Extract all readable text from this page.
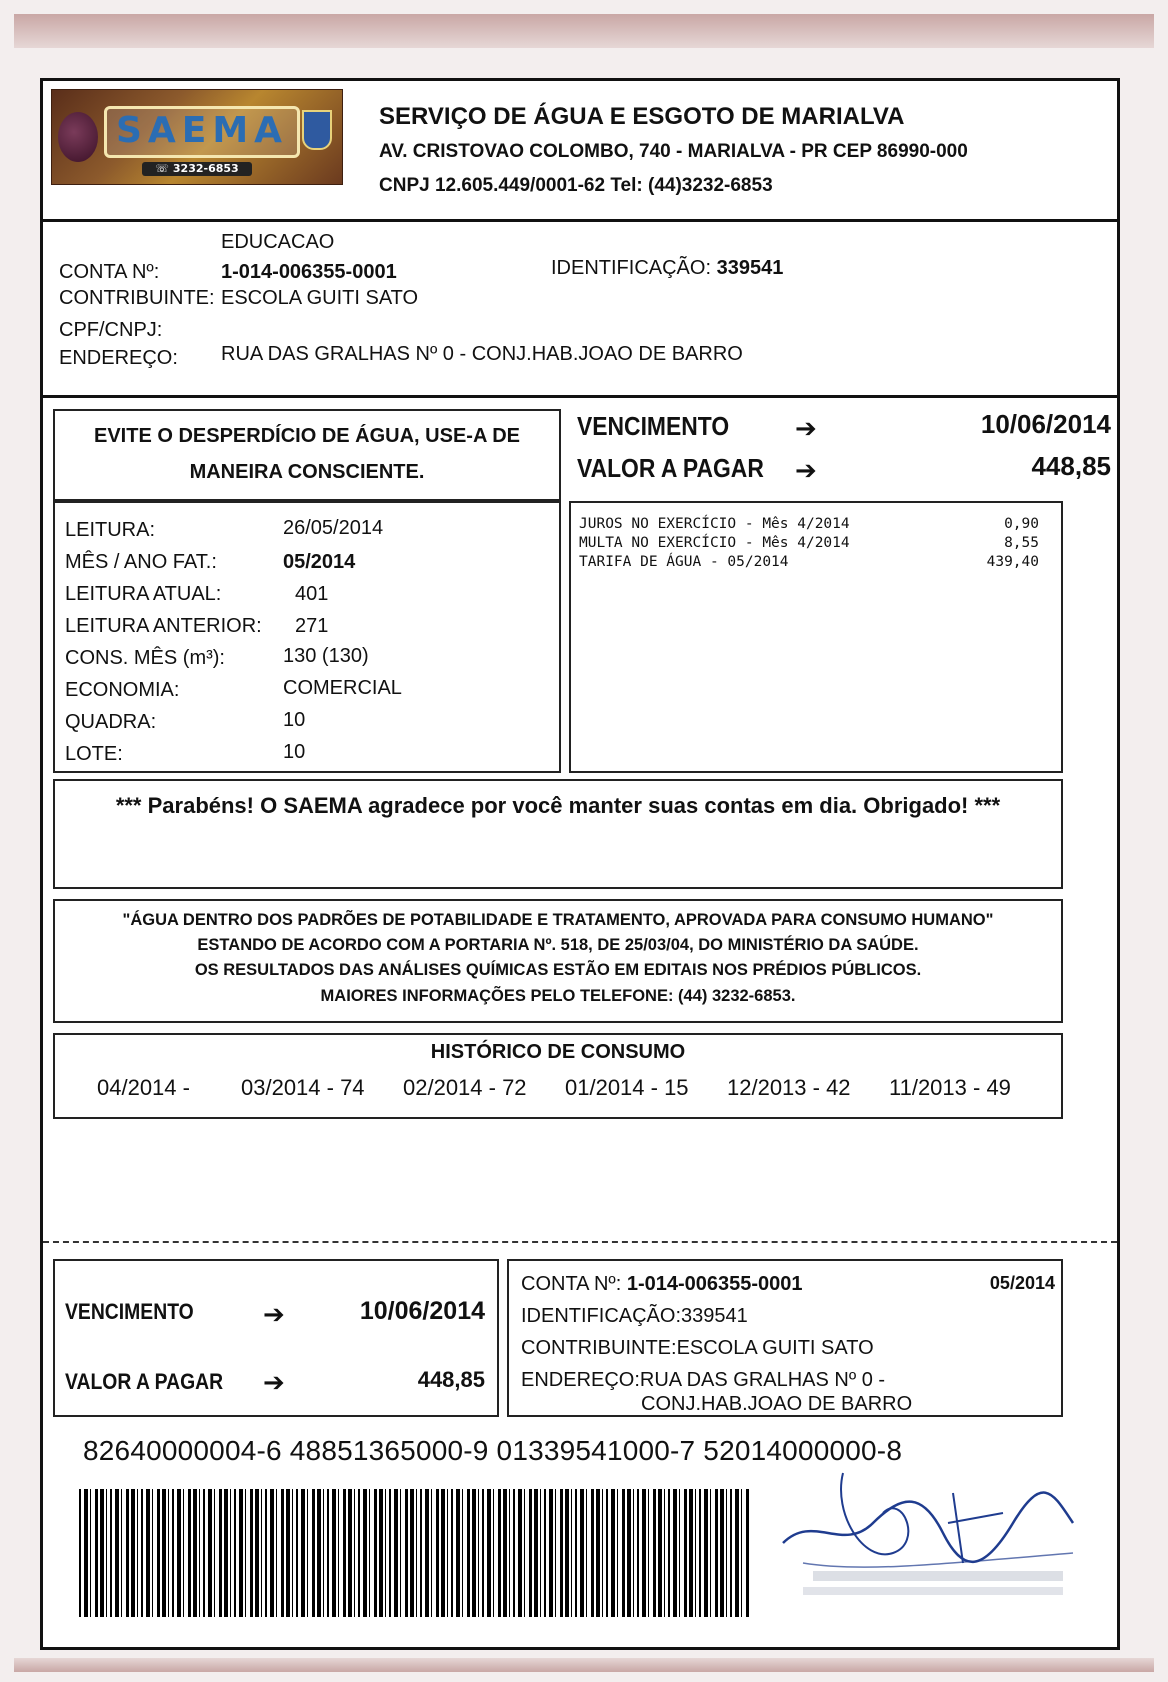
SAEMA
☏ 3232-6853
SERVIÇO DE ÁGUA E ESGOTO DE MARIALVA
AV. CRISTOVAO COLOMBO, 740 - MARIALVA - PR CEP 86990-000
CNPJ 12.605.449/0001-62 Tel: (44)3232-6853
EDUCACAO
CONTA Nº:	1-014-006355-0001	IDENTIFICAÇÃO: 339541
CONTRIBUINTE: ESCOLA GUITI SATO
CPF/CNPJ:
ENDEREÇO: RUA DAS GRALHAS Nº 0 - CONJ.HAB.JOAO DE BARRO
EVITE O DESPERDÍCIO DE ÁGUA, USE-A DE
MANEIRA CONSCIENTE.
VENCIMENTO	➔	10/06/2014
VALOR A PAGAR	➔	448,85
LEITURA:	26/05/2014
MÊS / ANO FAT.:	05/2014
LEITURA ATUAL:	401
LEITURA ANTERIOR: 271
CONS. MÊS (m³):	130 (130)
ECONOMIA:	COMERCIAL
QUADRA:	10
LOTE:	10
JUROS NO EXERCÍCIO - Mês 4/2014	0,90
MULTA NO EXERCÍCIO - Mês 4/2014	8,55
TARIFA DE ÁGUA - 05/2014	439,40
*** Parabéns! O SAEMA agradece por você manter suas contas em dia. Obrigado! ***
"ÁGUA DENTRO DOS PADRÕES DE POTABILIDADE E TRATAMENTO, APROVADA PARA CONSUMO HUMANO"
ESTANDO DE ACORDO COM A PORTARIA Nº. 518, DE 25/03/04, DO MINISTÉRIO DA SAÚDE.
OS RESULTADOS DAS ANÁLISES QUÍMICAS ESTÃO EM EDITAIS NOS PRÉDIOS PÚBLICOS.
MAIORES INFORMAÇÕES PELO TELEFONE: (44) 3232-6853.
HISTÓRICO DE CONSUMO
04/2014 - 03/2014 - 74 02/2014 - 72 01/2014 - 15 12/2013 - 42 11/2013 - 49
VENCIMENTO	➔	10/06/2014
VALOR A PAGAR	➔	448,85
CONTA Nº: 1-014-006355-0001	05/2014
IDENTIFICAÇÃO:339541
CONTRIBUINTE:ESCOLA GUITI SATO
ENDEREÇO:RUA DAS GRALHAS Nº 0 -
CONJ.HAB.JOAO DE BARRO
82640000004-6 48851365000-9 01339541000-7 52014000000-8
